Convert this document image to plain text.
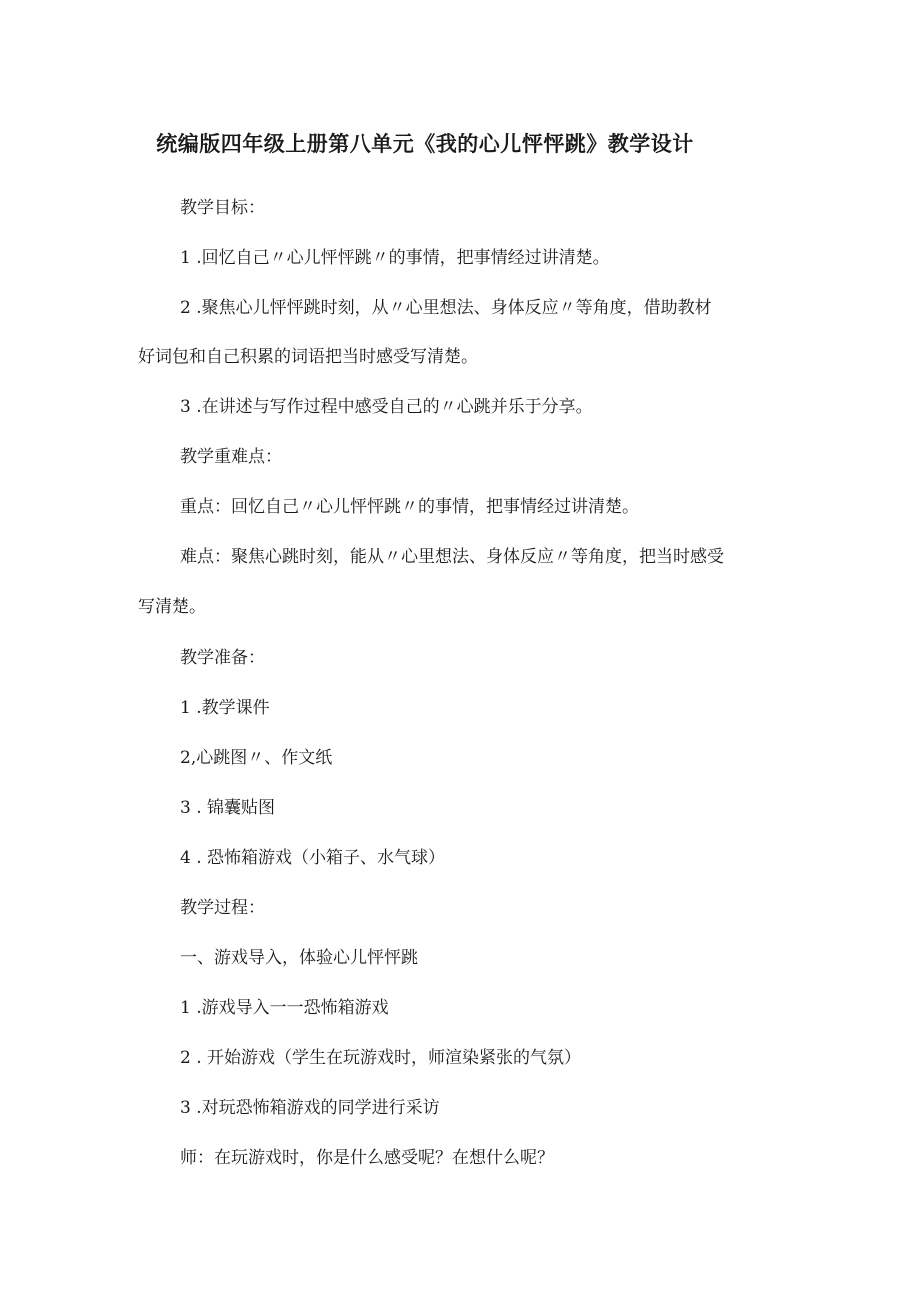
统编版四年级上册第八单元《我的心儿怦怦跳》教学设计
教学目标：
1 .回忆自己〃心儿怦怦跳〃的事情，把事情经过讲清楚。
2 .聚焦心儿怦怦跳时刻，从〃心里想法、身体反应〃等角度，借助教材
好词包和自己积累的词语把当时感受写清楚。
3 .在讲述与写作过程中感受自己的〃心跳并乐于分享。
教学重难点：
重点：回忆自己〃心儿怦怦跳〃的事情，把事情经过讲清楚。
难点：聚焦心跳时刻，能从〃心里想法、身体反应〃等角度，把当时感受
写清楚。
教学准备：
1 .教学课件
2,心跳图〃、作文纸
3 . 锦囊贴图
4 . 恐怖箱游戏（小箱子、水气球）
教学过程：
一、游戏导入，体验心儿怦怦跳
1 .游戏导入一一恐怖箱游戏
2 . 开始游戏（学生在玩游戏时，师渲染紧张的气氛）
3 .对玩恐怖箱游戏的同学进行采访
师：在玩游戏时，你是什么感受呢？在想什么呢？
